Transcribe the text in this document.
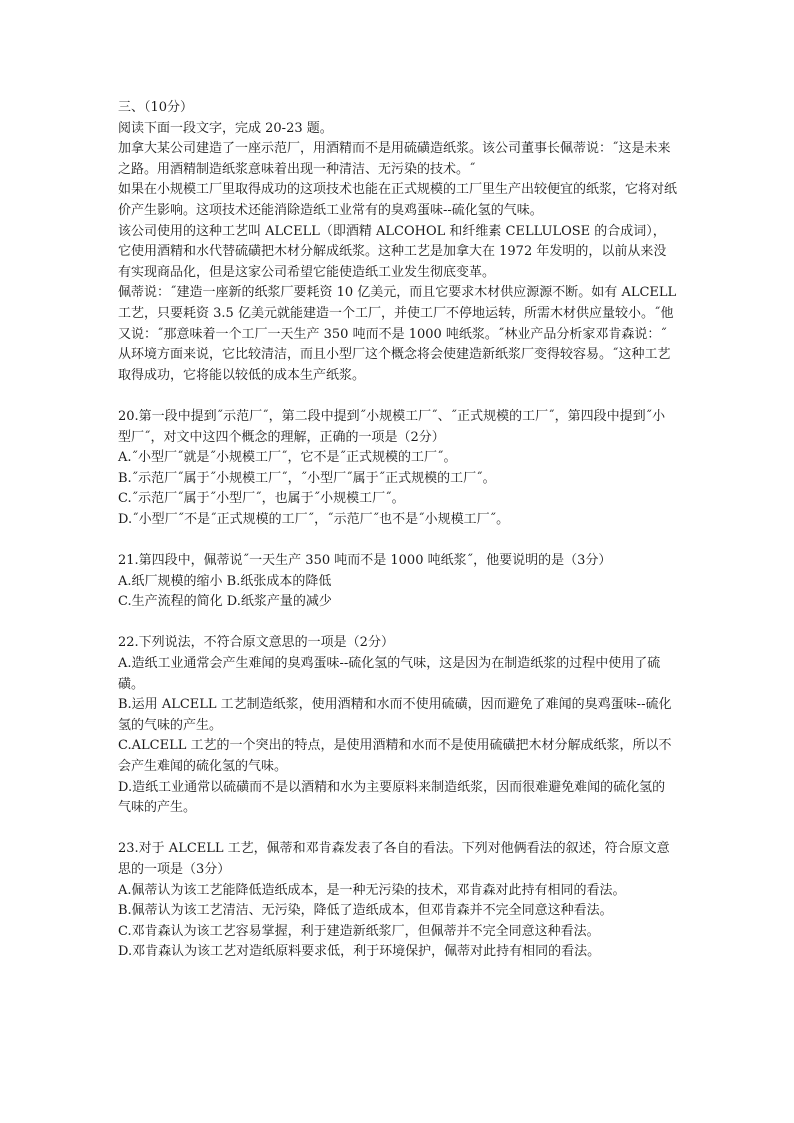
三、（10分）
阅读下面一段文字，完成 20-23 题。
加拿大某公司建造了一座示范厂，用酒精而不是用硫磺造纸浆。该公司董事长佩蒂说：˝这是未来之路。用酒精制造纸浆意味着出现一种清洁、无污染的技术。˝
如果在小规模工厂里取得成功的这项技术也能在正式规模的工厂里生产出较便宜的纸浆，它将对纸价产生影响。这项技术还能消除造纸工业常有的臭鸡蛋味--硫化氢的气味。
该公司使用的这种工艺叫 ALCELL（即酒精 ALCOHOL 和纤维素 CELLULOSE 的合成词），它使用酒精和水代替硫磺把木材分解成纸浆。这种工艺是加拿大在 1972 年发明的，以前从来没有实现商品化，但是这家公司希望它能使造纸工业发生彻底变革。
佩蒂说：˝建造一座新的纸浆厂要耗资 10 亿美元，而且它要求木材供应源源不断。如有 ALCELL 工艺，只要耗资 3.5 亿美元就能建造一个工厂，并使工厂不停地运转，所需木材供应量较小。˝他又说：˝那意味着一个工厂一天生产 350 吨而不是 1000 吨纸浆。˝林业产品分析家邓肯森说：˝从环境方面来说，它比较清洁，而且小型厂这个概念将会使建造新纸浆厂变得较容易。˝这种工艺取得成功，它将能以较低的成本生产纸浆。
20.第一段中提到˝示范厂˝，第二段中提到˝小规模工厂˝、˝正式规模的工厂˝，第四段中提到˝小型厂˝，对文中这四个概念的理解，正确的一项是（2分）
A.˝小型厂˝就是˝小规模工厂˝，它不是˝正式规模的工厂˝。
B.˝示范厂˝属于˝小规模工厂˝，˝小型厂˝属于˝正式规模的工厂˝。
C.˝示范厂˝属于˝小型厂˝，也属于˝小规模工厂˝。
D.˝小型厂˝不是˝正式规模的工厂˝，˝示范厂˝也不是˝小规模工厂˝。
21.第四段中，佩蒂说˝一天生产 350 吨而不是 1000 吨纸浆˝，他要说明的是（3分）
A.纸厂规模的缩小 B.纸张成本的降低
C.生产流程的简化 D.纸浆产量的减少
22.下列说法，不符合原文意思的一项是（2分）
A.造纸工业通常会产生难闻的臭鸡蛋味--硫化氢的气味，这是因为在制造纸浆的过程中使用了硫磺。
B.运用 ALCELL 工艺制造纸浆，使用酒精和水而不使用硫磺，因而避免了难闻的臭鸡蛋味--硫化氢的气味的产生。
C.ALCELL 工艺的一个突出的特点，是使用酒精和水而不是使用硫磺把木材分解成纸浆，所以不会产生难闻的硫化氢的气味。
D.造纸工业通常以硫磺而不是以酒精和水为主要原料来制造纸浆，因而很难避免难闻的硫化氢的气味的产生。
23.对于 ALCELL 工艺，佩蒂和邓肯森发表了各自的看法。下列对他俩看法的叙述，符合原文意思的一项是（3分）
A.佩蒂认为该工艺能降低造纸成本，是一种无污染的技术，邓肯森对此持有相同的看法。
B.佩蒂认为该工艺清洁、无污染，降低了造纸成本，但邓肯森并不完全同意这种看法。
C.邓肯森认为该工艺容易掌握，利于建造新纸浆厂，但佩蒂并不完全同意这种看法。
D.邓肯森认为该工艺对造纸原料要求低，利于环境保护，佩蒂对此持有相同的看法。
